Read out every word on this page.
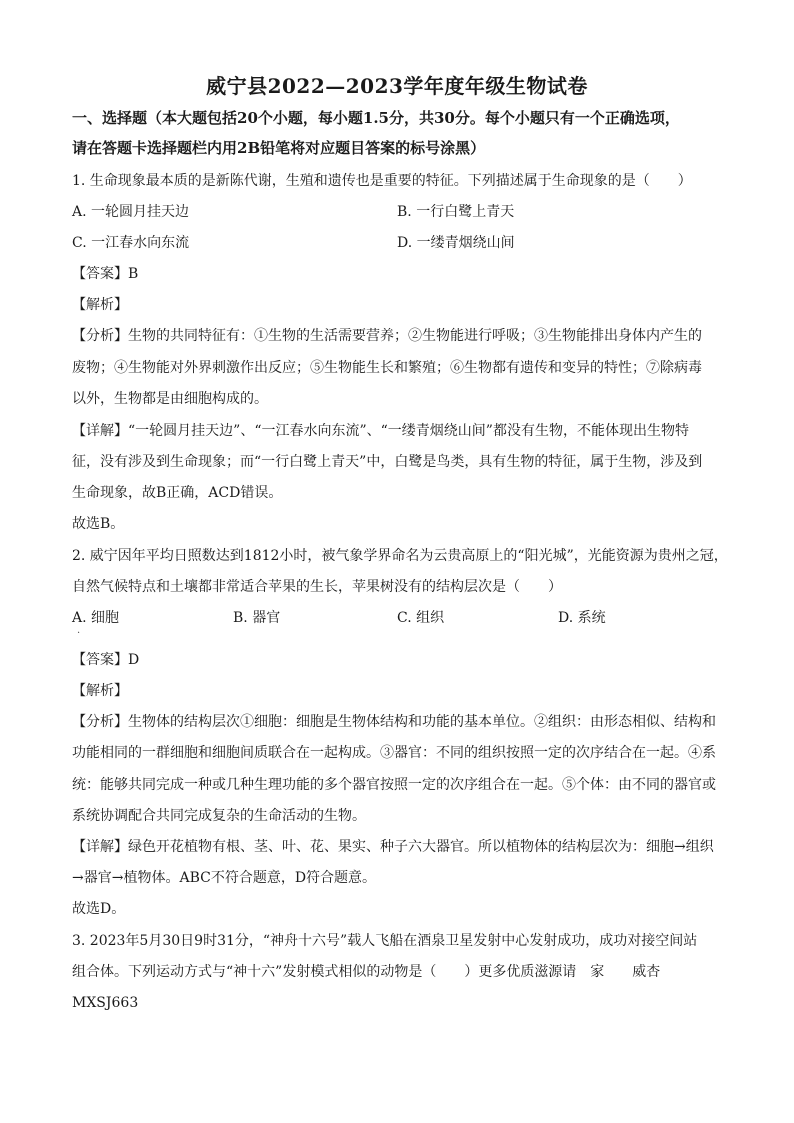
威宁县2022—2023学年度年级生物试卷
一、选择题（本大题包括20个小题，每小题1.5分，共30分。每个小题只有一个正确选项，
请在答题卡选择题栏内用2B铅笔将对应题目答案的标号涂黑）
1. 生命现象最本质的是新陈代谢，生殖和遗传也是重要的特征。下列描述属于生命现象的是（　　）
A. 一轮圆月挂天边	B. 一行白鹭上青天
C. 一江春水向东流	D. 一缕青烟绕山间
【答案】B
【解析】
【分析】生物的共同特征有：①生物的生活需要营养；②生物能进行呼吸；③生物能排出身体内产生的
废物；④生物能对外界刺激作出反应；⑤生物能生长和繁殖；⑥生物都有遗传和变异的特性；⑦除病毒
以外，生物都是由细胞构成的。
【详解】“一轮圆月挂天边”、“一江春水向东流”、“一缕青烟绕山间”都没有生物，不能体现出生物特
征，没有涉及到生命现象；而“一行白鹭上青天”中，白鹭是鸟类，具有生物的特征，属于生物，涉及到
生命现象，故B正确，ACD错误。
故选B。
2. 威宁因年平均日照数达到1812小时，被气象学界命名为云贵高原上的“阳光城”，光能资源为贵州之冠，
自然气候特点和土壤都非常适合苹果的生长，苹果树没有的结构层次是（　　）
A. 细胞	B. 器官	C. 组织	D. 系统
·
【答案】D
【解析】
【分析】生物体的结构层次①细胞：细胞是生物体结构和功能的基本单位。②组织：由形态相似、结构和
功能相同的一群细胞和细胞间质联合在一起构成。③器官：不同的组织按照一定的次序结合在一起。④系
统：能够共同完成一种或几种生理功能的多个器官按照一定的次序组合在一起。⑤个体：由不同的器官或
系统协调配合共同完成复杂的生命活动的生物。
【详解】绿色开花植物有根、茎、叶、花、果实、种子六大器官。所以植物体的结构层次为：细胞→组织
→器官→植物体。ABC不符合题意，D符合题意。
故选D。
3. 2023年5月30日9时31分，“神舟十六号”载人飞船在酒泉卫星发射中心发射成功，成功对接空间站
组合体。下列运动方式与“神十六”发射模式相似的动物是（　　）更多优质滋源请　家　　威杏
MXSJ663
